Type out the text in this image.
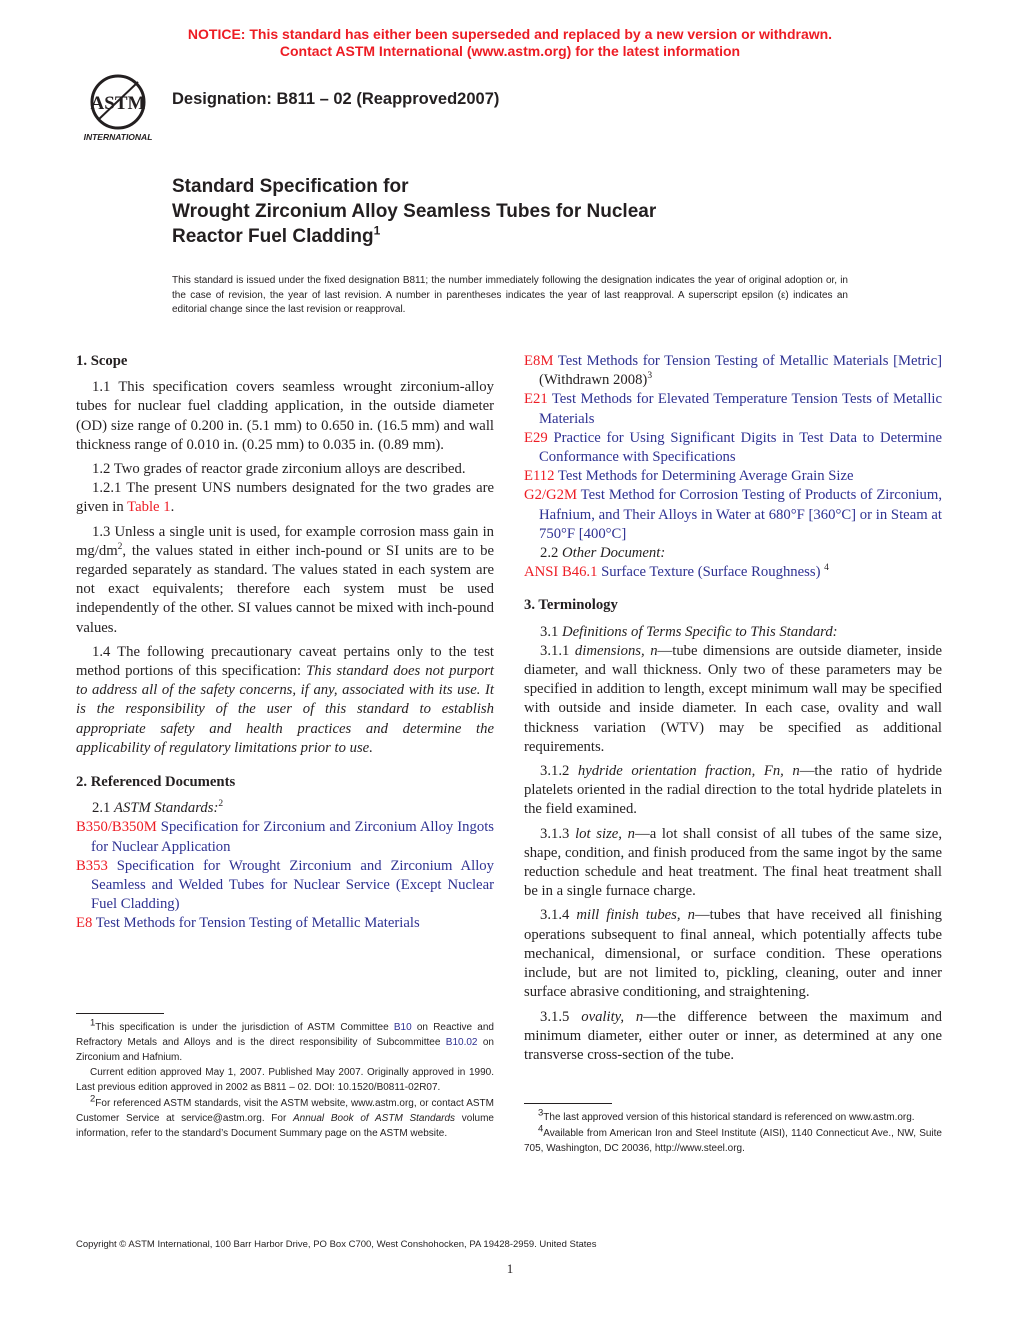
NOTICE: This standard has either been superseded and replaced by a new version or withdrawn.
Contact ASTM International (www.astm.org) for the latest information
ASTM
INTERNATIONAL
Designation: B811 – 02 (Reapproved2007)
Standard Specification for
Wrought Zirconium Alloy Seamless Tubes for Nuclear
Reactor Fuel Cladding$^1$
This standard is issued under the fixed designation B811; the number immediately following the designation indicates the year of original adoption or, in the case of revision, the year of last revision. A number in parentheses indicates the year of last reapproval. A superscript epsilon (ε) indicates an editorial change since the last revision or reapproval.
1. Scope

1.1 This specification covers seamless wrought zirconium-alloy tubes for nuclear fuel cladding application, in the outside diameter (OD) size range of 0.200 in. (5.1 mm) to 0.650 in. (16.5 mm) and wall thickness range of 0.010 in. (0.25 mm) to 0.035 in. (0.89 mm).

1.2 Two grades of reactor grade zirconium alloys are described.

1.2.1 The present UNS numbers designated for the two grades are given in Table 1.

1.3 Unless a single unit is used, for example corrosion mass gain in $mg/dm^2$, the values stated in either inch-pound or SI units are to be regarded separately as standard. The values stated in each system are not exact equivalents; therefore each system must be used independently of the other. SI values cannot be mixed with inch-pound values.

1.4 The following precautionary caveat pertains only to the test method portions of this specification: This standard does not purport to address all of the safety concerns, if any, associated with its use. It is the responsibility of the user of this standard to establish appropriate safety and health practices and determine the applicability of regulatory limitations prior to use.

2. Referenced Documents

2.1 ASTM Standards:$^2$

B350/B350M Specification for Zirconium and Zirconium Alloy Ingots for Nuclear Application

B353 Specification for Wrought Zirconium and Zirconium Alloy Seamless and Welded Tubes for Nuclear Service (Except Nuclear Fuel Cladding)

E8 Test Methods for Tension Testing of Metallic Materials

E8M Test Methods for Tension Testing of Metallic Materials [Metric] (Withdrawn 2008)$^3$

E21 Test Methods for Elevated Temperature Tension Tests of Metallic Materials

E29 Practice for Using Significant Digits in Test Data to Determine Conformance with Specifications

E112 Test Methods for Determining Average Grain Size

G2/G2M Test Method for Corrosion Testing of Products of Zirconium, Hafnium, and Their Alloys in Water at 680°F [360°C] or in Steam at 750°F [400°C]

2.2 Other Document:

ANSI B46.1 Surface Texture (Surface Roughness) $^4$

3. Terminology

3.1 Definitions of Terms Specific to This Standard:

3.1.1 dimensions, n—tube dimensions are outside diameter, inside diameter, and wall thickness. Only two of these parameters may be specified in addition to length, except minimum wall may be specified with outside and inside diameter. In each case, ovality and wall thickness variation (WTV) may be specified as additional requirements.

3.1.2 hydride orientation fraction, Fn, n—the ratio of hydride platelets oriented in the radial direction to the total hydride platelets in the field examined.

3.1.3 lot size, n—a lot shall consist of all tubes of the same size, shape, condition, and finish produced from the same ingot by the same reduction schedule and heat treatment. The final heat treatment shall be in a single furnace charge.

3.1.4 mill finish tubes, n—tubes that have received all finishing operations subsequent to final anneal, which potentially affects tube mechanical, dimensional, or surface condition. These operations include, but are not limited to, pickling, cleaning, outer and inner surface abrasive conditioning, and straightening.

3.1.5 ovality, n—the difference between the maximum and minimum diameter, either outer or inner, as determined at any one transverse cross-section of the tube.

$^1$This specification is under the jurisdiction of ASTM Committee B10 on Reactive and Refractory Metals and Alloys and is the direct responsibility of Subcommittee B10.02 on Zirconium and Hafnium.

Current edition approved May 1, 2007. Published May 2007. Originally approved in 1990. Last previous edition approved in 2002 as B811 – 02. DOI: 10.1520/B0811-02R07.

$^2$For referenced ASTM standards, visit the ASTM website, www.astm.org, or contact ASTM Customer Service at service@astm.org. For Annual Book of ASTM Standards volume information, refer to the standard’s Document Summary page on the ASTM website.

$^3$The last approved version of this historical standard is referenced on www.astm.org.

$^4$Available from American Iron and Steel Institute (AISI), 1140 Connecticut Ave., NW, Suite 705, Washington, DC 20036, http://www.steel.org.

Copyright © ASTM International, 100 Barr Harbor Drive, PO Box C700, West Conshohocken, PA 19428-2959. United States
1
